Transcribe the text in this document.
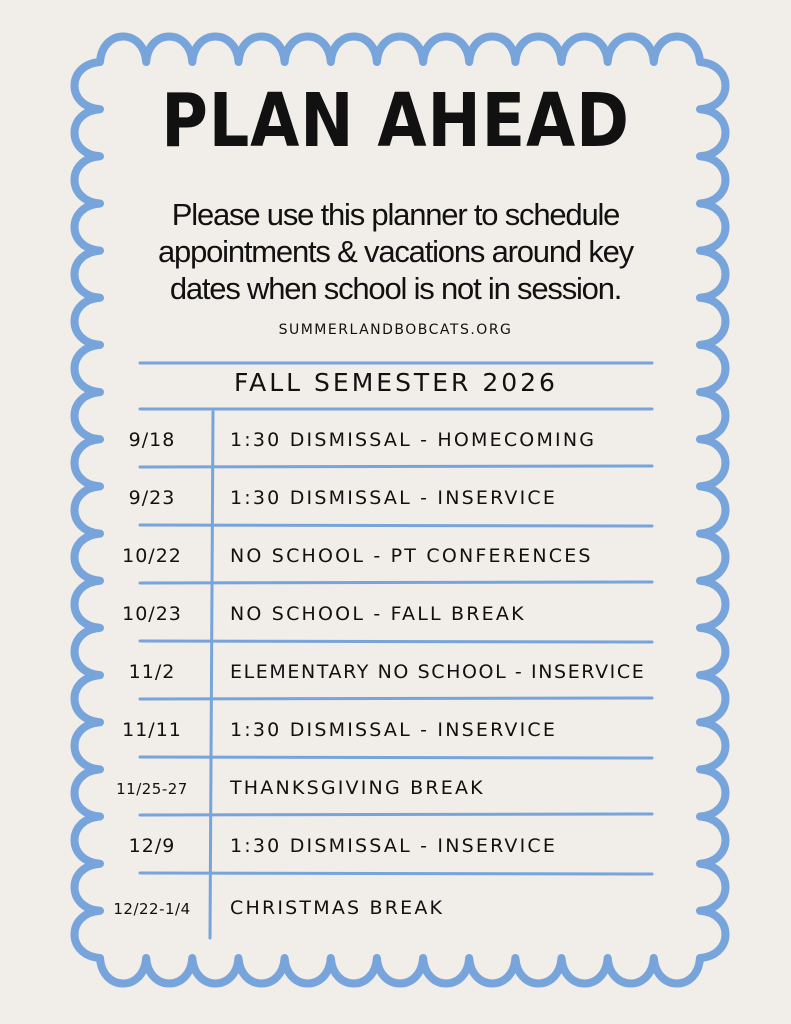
PLAN AHEAD
Please use this planner to schedule
appointments & vacations around key
dates when school is not in session.
SUMMERLANDBOBCATS.ORG
FALL SEMESTER 2026
9/18	1:30 DISMISSAL - HOMECOMING
9/23	1:30 DISMISSAL - INSERVICE
10/22	NO SCHOOL - PT CONFERENCES
10/23	NO SCHOOL - FALL BREAK
11/2	ELEMENTARY NO SCHOOL - INSERVICE
11/11	1:30 DISMISSAL - INSERVICE
11/25-27	THANKSGIVING BREAK
12/9	1:30 DISMISSAL - INSERVICE
12/22-1/4	CHRISTMAS BREAK
